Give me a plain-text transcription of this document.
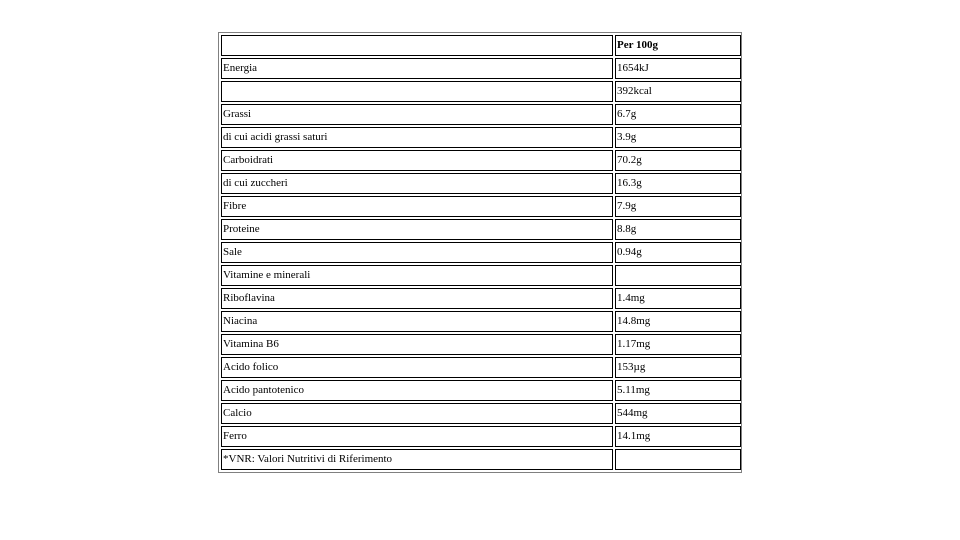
	Per 100g
Energia	1654kJ
	392kcal
Grassi	6.7g
di cui acidi grassi saturi	3.9g
Carboidrati	70.2g
di cui zuccheri	16.3g
Fibre	7.9g
Proteine	8.8g
Sale	0.94g
Vitamine e minerali	
Riboflavina	1.4mg
Niacina	14.8mg
Vitamina B6	1.17mg
Acido folico	153µg
Acido pantotenico	5.11mg
Calcio	544mg
Ferro	14.1mg
*VNR: Valori Nutritivi di Riferimento	
